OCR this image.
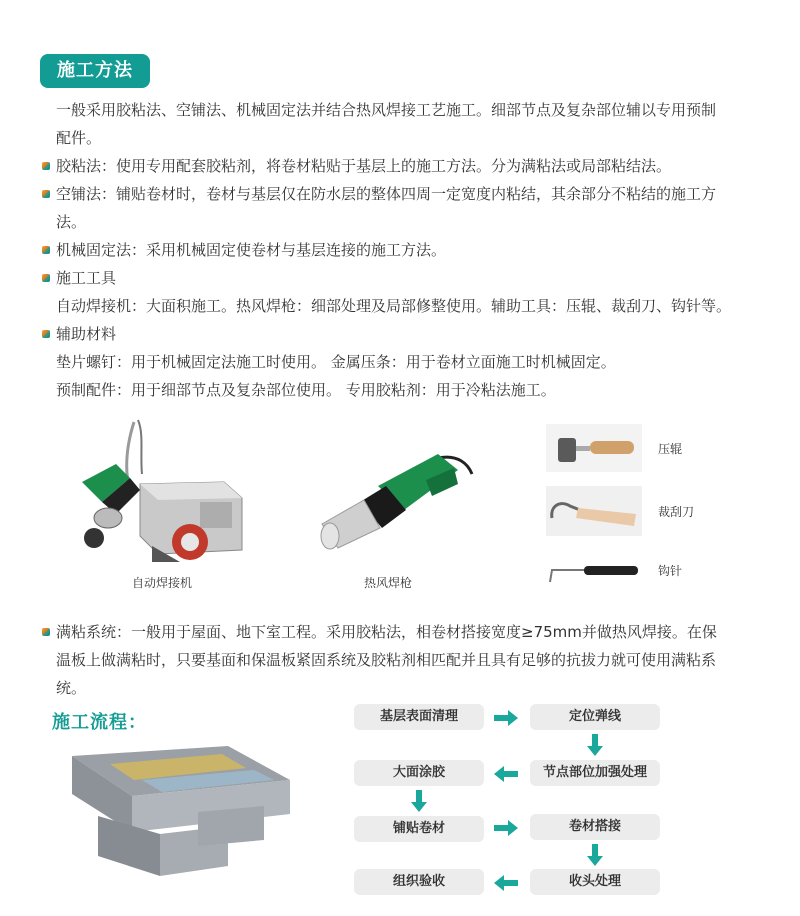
施工方法
一般采用胶粘法、空铺法、机械固定法并结合热风焊接工艺施工。细部节点及复杂部位辅以专用预制
配件。
胶粘法：使用专用配套胶粘剂，将卷材粘贴于基层上的施工方法。分为满粘法或局部粘结法。
空铺法：铺贴卷材时，卷材与基层仅在防水层的整体四周一定宽度内粘结，其余部分不粘结的施工方
法。
机械固定法：采用机械固定使卷材与基层连接的施工方法。
施工工具
自动焊接机：大面积施工。热风焊枪：细部处理及局部修整使用。辅助工具：压辊、裁刮刀、钩针等。
辅助材料
垫片螺钉：用于机械固定法施工时使用。 金属压条：用于卷材立面施工时机械固定。
预制配件：用于细部节点及复杂部位使用。 专用胶粘剂：用于冷粘法施工。
自动焊接机	热风焊枪
压辊
裁刮刀
钩针
满粘系统：一般用于屋面、地下室工程。采用胶粘法，相卷材搭接宽度≥75mm并做热风焊接。在保
温板上做满粘时，只要基面和保温板紧固系统及胶粘剂相匹配并且具有足够的抗拔力就可使用满粘系
统。
施工流程：	基层表面清理	定位弹线
节点部位加强处理
大面涂胶
铺贴卷材	卷材搭接
收头处理
组织验收
